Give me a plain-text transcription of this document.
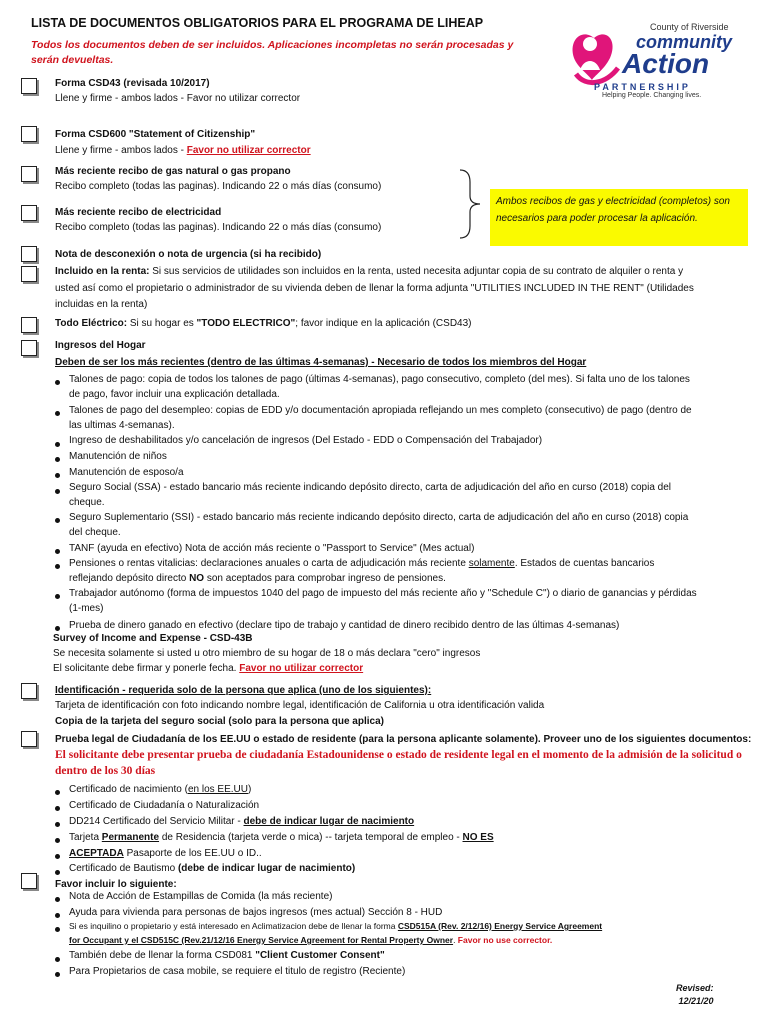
LISTA DE DOCUMENTOS OBLIGATORIOS PARA EL PROGRAMA DE LIHEAP
Todos los documentos deben de ser incluidos. Aplicaciones incompletas no serán procesadas y serán devueltas.
County of Riverside
community
Action
PARTNERSHIP
Helping People. Changing lives.
Forma CSD43 (revisada 10/2017)
Llene y firme - ambos lados - Favor no utilizar corrector
Forma CSD600 "Statement of Citizenship"
Llene y firme - ambos lados - Favor no utilizar corrector
Más reciente recibo de gas natural o gas propano
Recibo completo (todas las paginas). Indicando 22 o más días (consumo)
Más reciente recibo de electricidad
Recibo completo (todas las paginas). Indicando 22 o más días (consumo)
Ambos recibos de gas y electricidad (completos) son necesarios para poder procesar la aplicación.
Nota de desconexión o nota de urgencia (si ha recibido)
Incluido en la renta: Si sus servicios de utilidades son incluidos en la renta, usted necesita adjuntar copia de su contrato de alquiler o renta y
usted así como el propietario o administrador de su vivienda deben de llenar la forma adjunta "UTILITIES INCLUDED IN THE RENT" (Utilidades
incluidas en la renta)
Todo Eléctrico: Si su hogar es "TODO ELECTRICO"; favor indique en la aplicación (CSD43)
Ingresos del Hogar
Deben de ser los más recientes (dentro de las últimas 4-semanas) - Necesario de todos los miembros del Hogar
Talones de pago: copia de todos los talones de pago (últimas 4-semanas), pago consecutivo, completo (del mes). Si falta uno de los talones
de pago, favor incluir una explicación detallada.
Talones de pago del desempleo: copias de EDD y/o documentación apropiada reflejando un mes completo (consecutivo) de pago (dentro de
las ultimas 4-semanas).
Ingreso de deshabilitados y/o cancelación de ingresos (Del Estado - EDD o Compensación del Trabajador)
Manutención de niños
Manutención de esposo/a
Seguro Social (SSA) - estado bancario más reciente indicando depósito directo, carta de adjudicación del año en curso (2018) copia del
cheque.
Seguro Suplementario (SSI) - estado bancario más reciente indicando depósito directo, carta de adjudicación del año en curso (2018) copia
del cheque.
TANF (ayuda en efectivo) Nota de acción más reciente o "Passport to Service" (Mes actual)
Pensiones o rentas vitalicias: declaraciones anuales o carta de adjudicación más reciente solamente. Estados de cuentas bancarios
reflejando depósito directo NO son aceptados para comprobar ingreso de pensiones.
Trabajador autónomo (forma de impuestos 1040 del pago de impuesto del más reciente año y "Schedule C") o diario de ganancias y pérdidas
(1-mes)
Prueba de dinero ganado en efectivo (declare tipo de trabajo y cantidad de dinero recibido dentro de las últimas 4-semanas)
Survey of Income and Expense - CSD-43B
Se necesita solamente si usted u otro miembro de su hogar de 18 o más declara "cero" ingresos
El solicitante debe firmar y ponerle fecha. Favor no utilizar corrector
Identificación - requerida solo de la persona que aplica (uno de los siguientes):
Tarjeta de identificación con foto indicando nombre legal, identificación de California u otra identificación valida
Copia de la tarjeta del seguro social (solo para la persona que aplica)
Prueba legal de Ciudadanía de los EE.UU o estado de residente (para la persona aplicante solamente). Proveer uno de los siguientes documentos:
El solicitante debe presentar prueba de ciudadanía Estadounidense o estado de residente legal en el momento de la admisión de la solicitud o
dentro de los 30 días
Certificado de nacimiento (en los EE.UU)
Certificado de Ciudadanía o Naturalización
DD214 Certificado del Servicio Militar - debe de indicar lugar de nacimiento
Tarjeta Permanente de Residencia (tarjeta verde o mica) -- tarjeta temporal de empleo - NO ES
ACEPTADA Pasaporte de los EE.UU o ID..
Certificado de Bautismo (debe de indicar lugar de nacimiento)
Favor incluir lo siguiente:
Nota de Acción de Estampillas de Comida (la más reciente)
Ayuda para vivienda para personas de bajos ingresos (mes actual) Sección 8 - HUD
Si es inquilino o propietario y está interesado en Aclimatizacion debe de llenar la forma CSD515A (Rev. 2/12/16) Energy Service Agreement
for Occupant y el CSD515C (Rev.21/12/16 Energy Service Agreement for Rental Property Owner. Favor no use corrector.
También debe de llenar la forma CSD081 "Client Customer Consent"
Para Propietarios de casa mobile, se requiere el titulo de registro (Reciente)
Revised:
12/21/20
